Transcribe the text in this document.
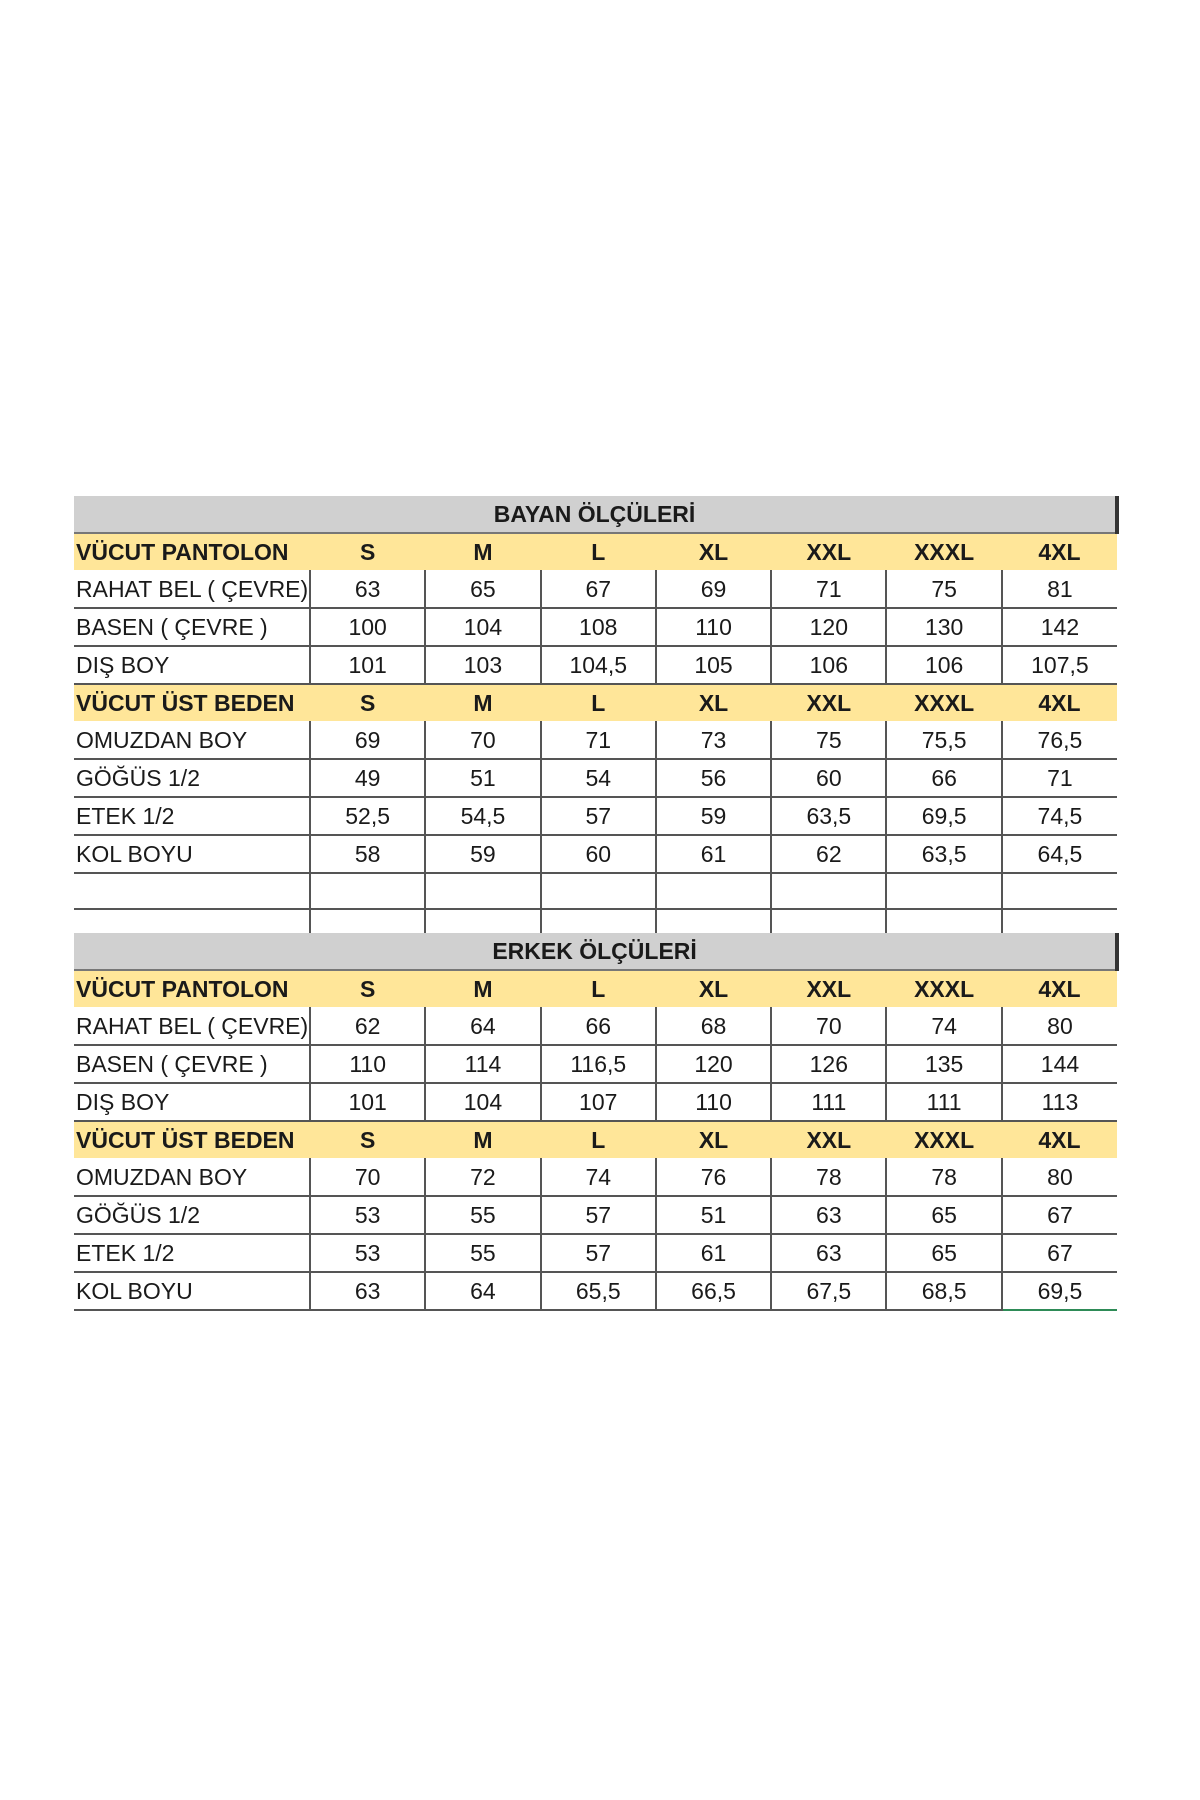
BAYAN ÖLÇÜLERİ							
VÜCUT PANTOLON	S	M	L	XL	XXL	XXXL	4XL
RAHAT BEL ( ÇEVRE)	63	65	67	69	71	75	81
BASEN ( ÇEVRE )	100	104	108	110	120	130	142
DIŞ BOY	101	103	104,5	105	106	106	107,5
VÜCUT ÜST BEDEN	S	M	L	XL	XXL	XXXL	4XL
OMUZDAN BOY	69	70	71	73	75	75,5	76,5
GÖĞÜS 1/2	49	51	54	56	60	66	71
ETEK 1/2	52,5	54,5	57	59	63,5	69,5	74,5
KOL BOYU	58	59	60	61	62	63,5	64,5

ERKEK ÖLÇÜLERİ							
VÜCUT PANTOLON	S	M	L	XL	XXL	XXXL	4XL
RAHAT BEL ( ÇEVRE)	62	64	66	68	70	74	80
BASEN ( ÇEVRE )	110	114	116,5	120	126	135	144
DIŞ BOY	101	104	107	110	111	111	113
VÜCUT ÜST BEDEN	S	M	L	XL	XXL	XXXL	4XL
OMUZDAN BOY	70	72	74	76	78	78	80
GÖĞÜS 1/2	53	55	57	51	63	65	67
ETEK 1/2	53	55	57	61	63	65	67
KOL BOYU	63	64	65,5	66,5	67,5	68,5	69,5
